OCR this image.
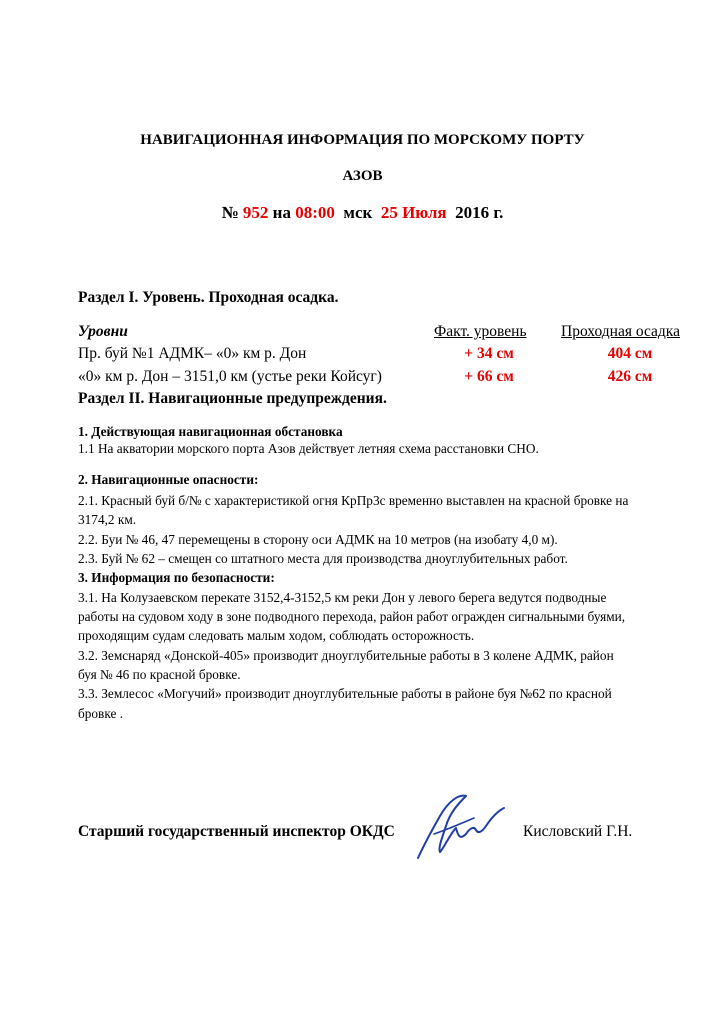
НАВИГАЦИОННАЯ ИНФОРМАЦИЯ ПО МОРСКОМУ ПОРТУ
АЗОВ
№ 952 на 08:00 мск 25 Июля 2016 г.
Раздел I. Уровень. Проходная осадка.
Уровни	Факт. уровень Проходная осадка
Пр. буй №1 АДМК– «0» км р. Дон	+ 34 см	404 см
«0» км р. Дон – 3151,0 км (устье реки Койсуг)	+ 66 см	426 см
Раздел II. Навигационные предупреждения.
1. Действующая навигационная обстановка
1.1 На акватории морского порта Азов действует летняя схема расстановки СНО.
2. Навигационные опасности:
2.1. Красный буй б/№ с характеристикой огня КрПр3с временно выставлен на красной бровке на
3174,2 км.
2.2. Буи № 46, 47 перемещены в сторону оси АДМК на 10 метров (на изобату 4,0 м).
2.3. Буй № 62 – смещен со штатного места для производства дноуглубительных работ.
3. Информация по безопасности:
3.1. На Колузаевском перекате 3152,4-3152,5 км реки Дон у левого берега ведутся подводные
работы на судовом ходу в зоне подводного перехода, район работ огражден сигнальными буями,
проходящим судам следовать малым ходом, соблюдать осторожность.
3.2. Земснаряд «Донской-405» производит дноуглубительные работы в 3 колене АДМК, район
буя № 46 по красной бровке.
3.3. Землесос «Могучий» производит дноуглубительные работы в районе буя №62 по красной
бровке .
Старший государственный инспектор ОКДС	Кисловский Г.Н.
